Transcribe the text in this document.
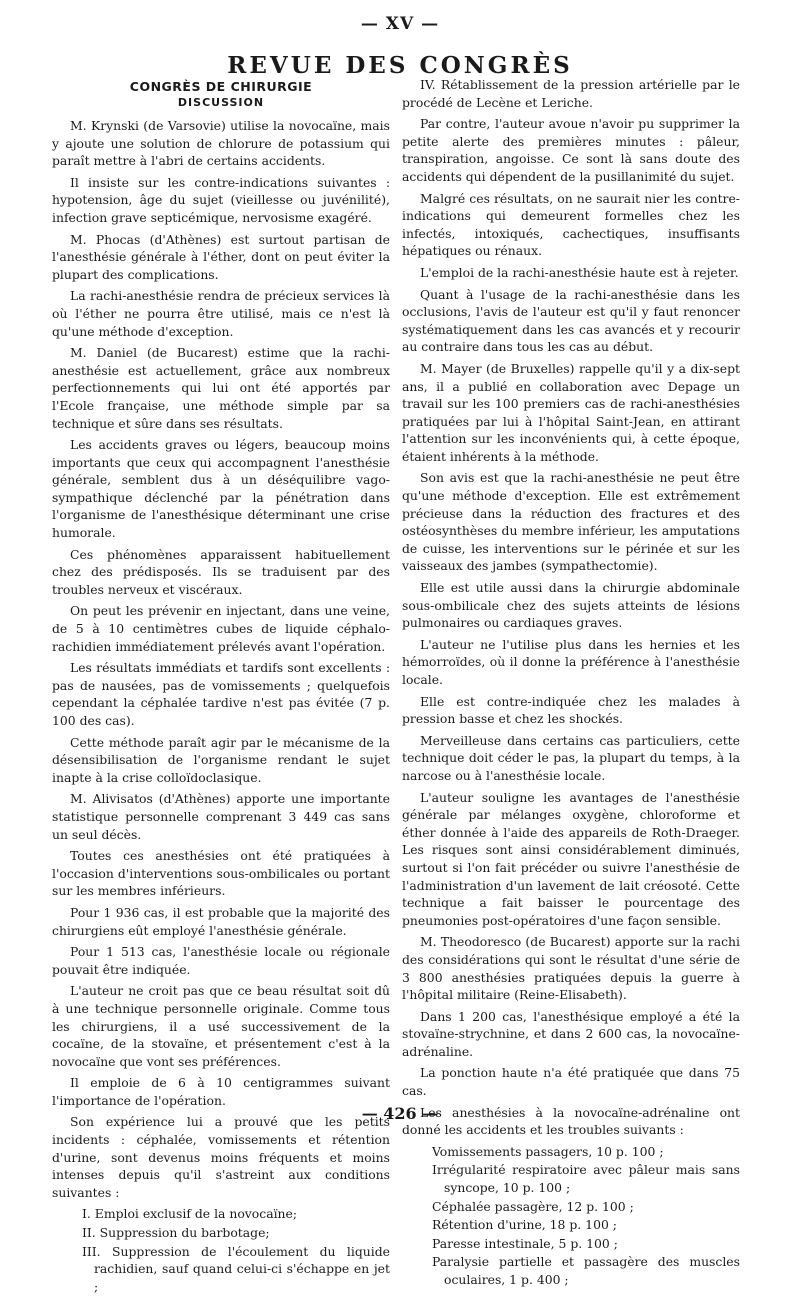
— XV —
REVUE DES CONGRÈS
CONGRÈS DE CHIRURGIE
DISCUSSION

M. Krynski (de Varsovie) utilise la novocaïne, mais y ajoute une solution de chlorure de potassium qui paraît mettre à l'abri de certains accidents.

Il insiste sur les contre-indications suivantes : hypotension, âge du sujet (vieillesse ou juvénilité), infection grave septicémique, nervosisme exagéré.

M. Phocas (d'Athènes) est surtout partisan de l'anesthésie générale à l'éther, dont on peut éviter la plupart des complications.

La rachi-anesthésie rendra de précieux services là où l'éther ne pourra être utilisé, mais ce n'est là qu'une méthode d'exception.

M. Daniel (de Bucarest) estime que la rachi-anesthésie est actuellement, grâce aux nombreux perfectionnements qui lui ont été apportés par l'Ecole française, une méthode simple par sa technique et sûre dans ses résultats.

Les accidents graves ou légers, beaucoup moins importants que ceux qui accompagnent l'anesthésie générale, semblent dus à un déséquilibre vago-sympathique déclenché par la pénétration dans l'organisme de l'anesthésique déterminant une crise humorale.

Ces phénomènes apparaissent habituellement chez des prédisposés. Ils se traduisent par des troubles nerveux et viscéraux.

On peut les prévenir en injectant, dans une veine, de 5 à 10 centimètres cubes de liquide céphalo-rachidien immédiatement prélevés avant l'opération.

Les résultats immédiats et tardifs sont excellents : pas de nausées, pas de vomissements ; quelquefois cependant la céphalée tardive n'est pas évitée (7 p. 100 des cas).

Cette méthode paraît agir par le mécanisme de la désensibilisation de l'organisme rendant le sujet inapte à la crise colloïdoclasique.

M. Alivisatos (d'Athènes) apporte une importante statistique personnelle comprenant 3 449 cas sans un seul décès.

Toutes ces anesthésies ont été pratiquées à l'occasion d'interventions sous-ombilicales ou portant sur les membres inférieurs.

Pour 1 936 cas, il est probable que la majorité des chirurgiens eût employé l'anesthésie générale.

Pour 1 513 cas, l'anesthésie locale ou régionale pouvait être indiquée.

L'auteur ne croit pas que ce beau résultat soit dû à une technique personnelle originale. Comme tous les chirurgiens, il a usé successivement de la cocaïne, de la stovaïne, et présentement c'est à la novocaïne que vont ses préférences.

Il emploie de 6 à 10 centigrammes suivant l'importance de l'opération.

Son expérience lui a prouvé que les petits incidents : céphalée, vomissements et rétention d'urine, sont devenus moins fréquents et moins intenses depuis qu'il s'astreint aux conditions suivantes :

I. Emploi exclusif de la novocaïne;

II. Suppression du barbotage;

III. Suppression de l'écoulement du liquide rachidien, sauf quand celui-ci s'échappe en jet ;

IV. Rétablissement de la pression artérielle par le procédé de Lecène et Leriche.

Par contre, l'auteur avoue n'avoir pu supprimer la petite alerte des premières minutes : pâleur, transpiration, angoisse. Ce sont là sans doute des accidents qui dépendent de la pusillanimité du sujet.

Malgré ces résultats, on ne saurait nier les contre-indications qui demeurent formelles chez les infectés, intoxiqués, cachectiques, insuffisants hépatiques ou rénaux.

L'emploi de la rachi-anesthésie haute est à rejeter.

Quant à l'usage de la rachi-anesthésie dans les occlusions, l'avis de l'auteur est qu'il y faut renoncer systématiquement dans les cas avancés et y recourir au contraire dans tous les cas au début.

M. Mayer (de Bruxelles) rappelle qu'il y a dix-sept ans, il a publié en collaboration avec Depage un travail sur les 100 premiers cas de rachi-anesthésies pratiquées par lui à l'hôpital Saint-Jean, en attirant l'attention sur les inconvénients qui, à cette époque, étaient inhérents à la méthode.

Son avis est que la rachi-anesthésie ne peut être qu'une méthode d'exception. Elle est extrêmement précieuse dans la réduction des fractures et des ostéosynthèses du membre inférieur, les amputations de cuisse, les interventions sur le périnée et sur les vaisseaux des jambes (sympathectomie).

Elle est utile aussi dans la chirurgie abdominale sous-ombilicale chez des sujets atteints de lésions pulmonaires ou cardiaques graves.

L'auteur ne l'utilise plus dans les hernies et les hémorroïdes, où il donne la préférence à l'anesthésie locale.

Elle est contre-indiquée chez les malades à pression basse et chez les shockés.

Merveilleuse dans certains cas particuliers, cette technique doit céder le pas, la plupart du temps, à la narcose ou à l'anesthésie locale.

L'auteur souligne les avantages de l'anesthésie générale par mélanges oxygène, chloroforme et éther donnée à l'aide des appareils de Roth-Draeger. Les risques sont ainsi considérablement diminués, surtout si l'on fait précéder ou suivre l'anesthésie de l'administration d'un lavement de lait créosoté. Cette technique a fait baisser le pourcentage des pneumonies post-opératoires d'une façon sensible.

M. Theodoresco (de Bucarest) apporte sur la rachi des considérations qui sont le résultat d'une série de 3 800 anesthésies pratiquées depuis la guerre à l'hôpital militaire (Reine-Elisabeth).

Dans 1 200 cas, l'anesthésique employé a été la stovaïne-strychnine, et dans 2 600 cas, la novocaïne-adrénaline.

La ponction haute n'a été pratiquée que dans 75 cas.

Les anesthésies à la novocaïne-adrénaline ont donné les accidents et les troubles suivants :

Vomissements passagers, 10 p. 100 ;

Irrégularité respiratoire avec pâleur mais sans syncope, 10 p. 100 ;

Céphalée passagère, 12 p. 100 ;

Rétention d'urine, 18 p. 100 ;

Paresse intestinale, 5 p. 100 ;

Paralysie partielle et passagère des muscles oculaires, 1 p. 400 ;

— 426 —
